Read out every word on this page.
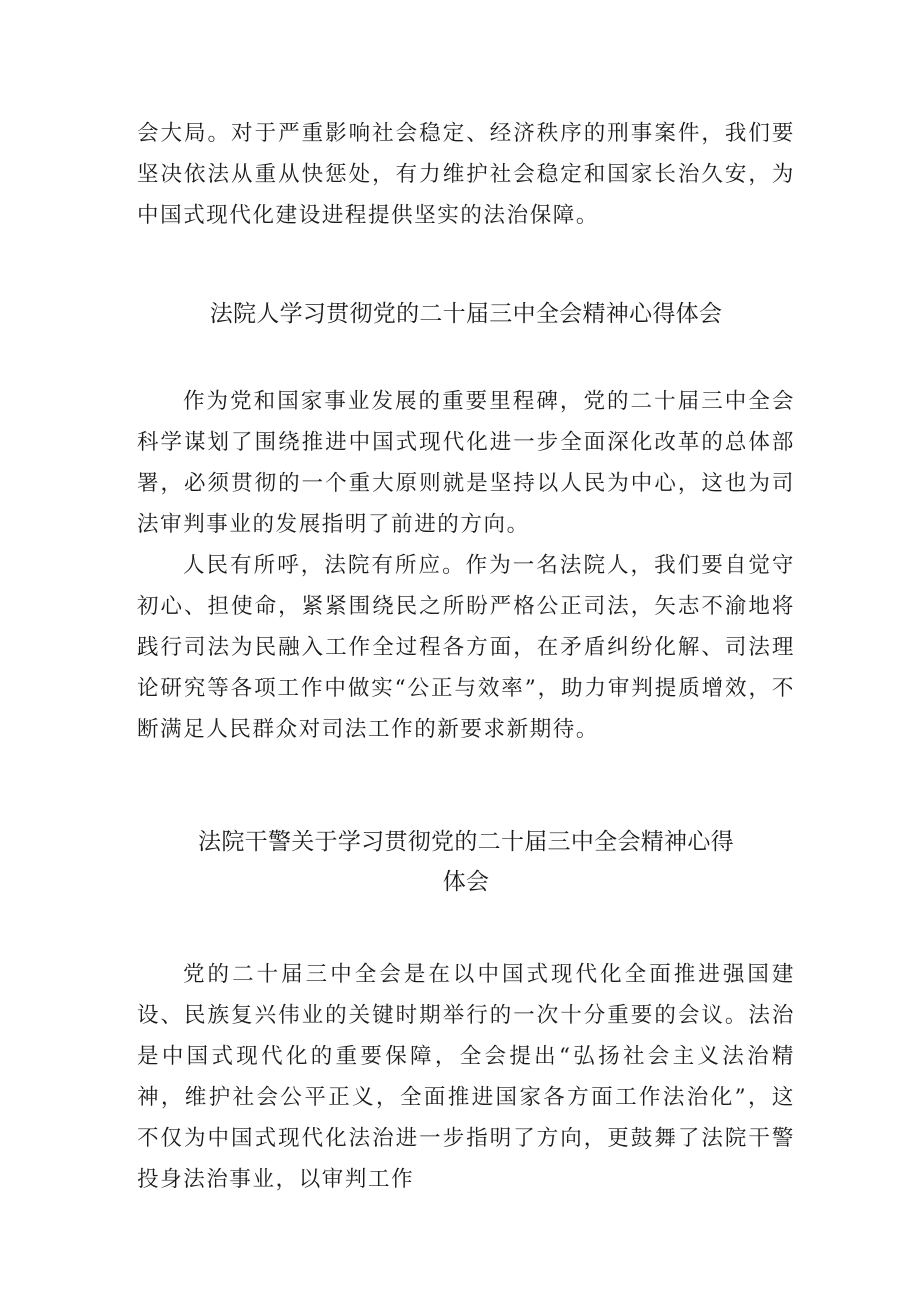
会大局。对于严重影响社会稳定、经济秩序的刑事案件，我们要坚决依法从重从快惩处，有力维护社会稳定和国家长治久安，为中国式现代化建设进程提供坚实的法治保障。

法院人学习贯彻党的二十届三中全会精神心得体会

作为党和国家事业发展的重要里程碑，党的二十届三中全会科学谋划了围绕推进中国式现代化进一步全面深化改革的总体部署，必须贯彻的一个重大原则就是坚持以人民为中心，这也为司法审判事业的发展指明了前进的方向。

人民有所呼，法院有所应。作为一名法院人，我们要自觉守初心、担使命，紧紧围绕民之所盼严格公正司法，矢志不渝地将践行司法为民融入工作全过程各方面，在矛盾纠纷化解、司法理论研究等各项工作中做实“公正与效率”，助力审判提质增效，不断满足人民群众对司法工作的新要求新期待。

法院干警关于学习贯彻党的二十届三中全会精神心得
体会

党的二十届三中全会是在以中国式现代化全面推进强国建设、民族复兴伟业的关键时期举行的一次十分重要的会议。法治是中国式现代化的重要保障，全会提出“弘扬社会主义法治精神，维护社会公平正义，全面推进国家各方面工作法治化”，这不仅为中国式现代化法治进一步指明了方向，更鼓舞了法院干警投身法治事业，以审判工作
